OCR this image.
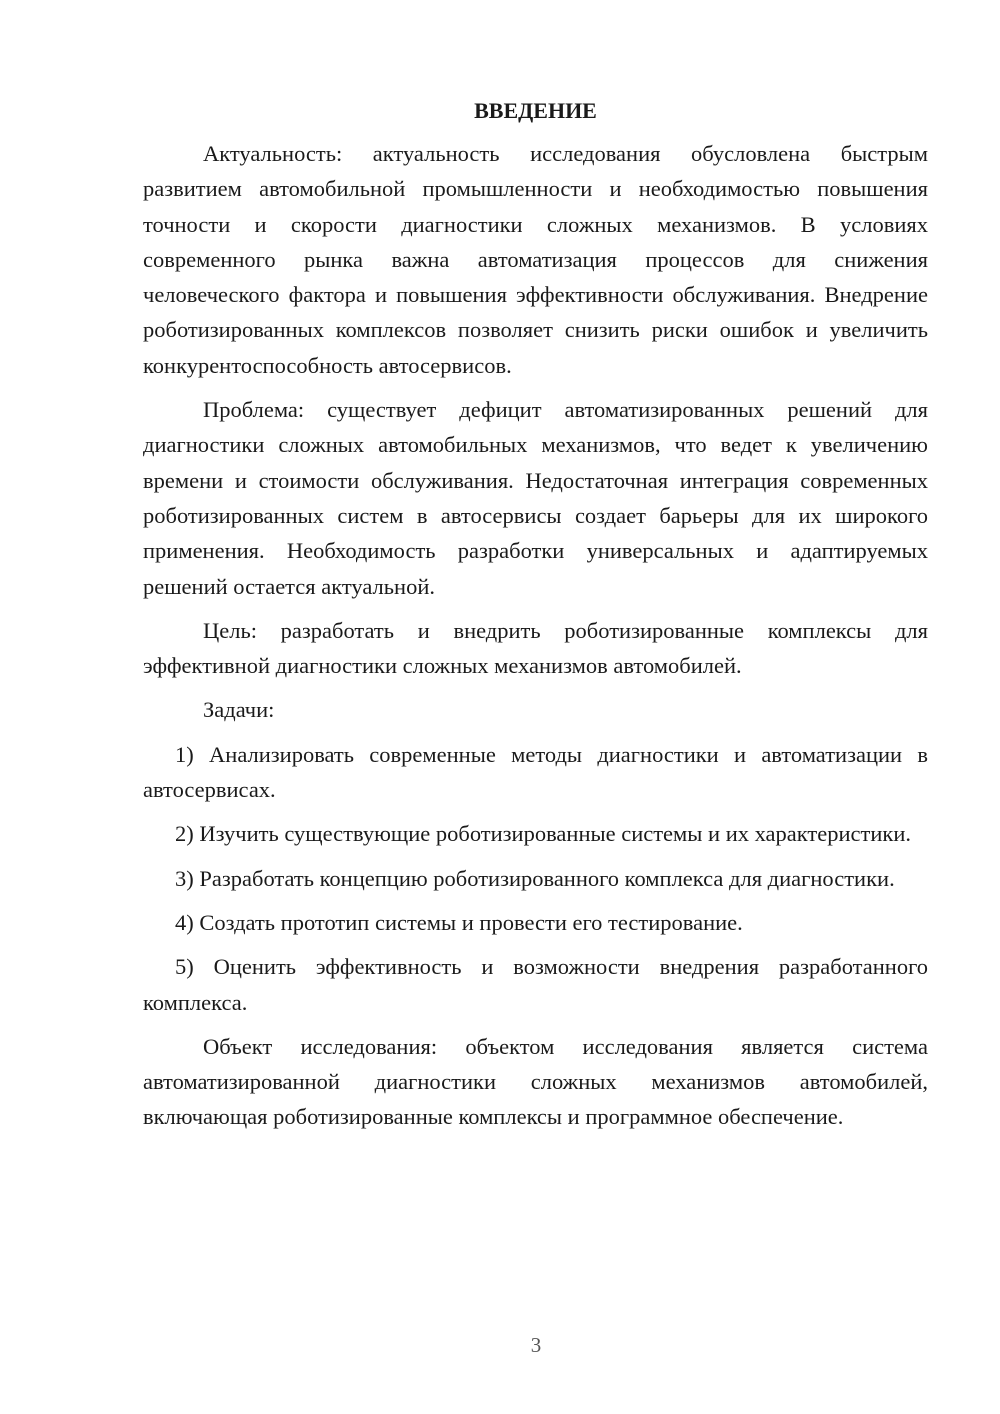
ВВЕДЕНИЕ

Актуальность: актуальность исследования обусловлена быстрым развитием автомобильной промышленности и необходимостью повышения точности и скорости диагностики сложных механизмов. В условиях современного рынка важна автоматизация процессов для снижения человеческого фактора и повышения эффективности обслуживания. Внедрение роботизированных комплексов позволяет снизить риски ошибок и увеличить конкурентоспособность автосервисов.

Проблема: существует дефицит автоматизированных решений для диагностики сложных автомобильных механизмов, что ведет к увеличению времени и стоимости обслуживания. Недостаточная интеграция современных роботизированных систем в автосервисы создает барьеры для их широкого применения. Необходимость разработки универсальных и адаптируемых решений остается актуальной.

Цель: разработать и внедрить роботизированные комплексы для эффективной диагностики сложных механизмов автомобилей.

Задачи:

1) Анализировать современные методы диагностики и автоматизации в автосервисах.

2) Изучить существующие роботизированные системы и их характеристики.

3) Разработать концепцию роботизированного комплекса для диагностики.

4) Создать прототип системы и провести его тестирование.

5) Оценить эффективность и возможности внедрения разработанного комплекса.

Объект исследования: объектом исследования является система автоматизированной диагностики сложных механизмов автомобилей, включающая роботизированные комплексы и программное обеспечение.

3
